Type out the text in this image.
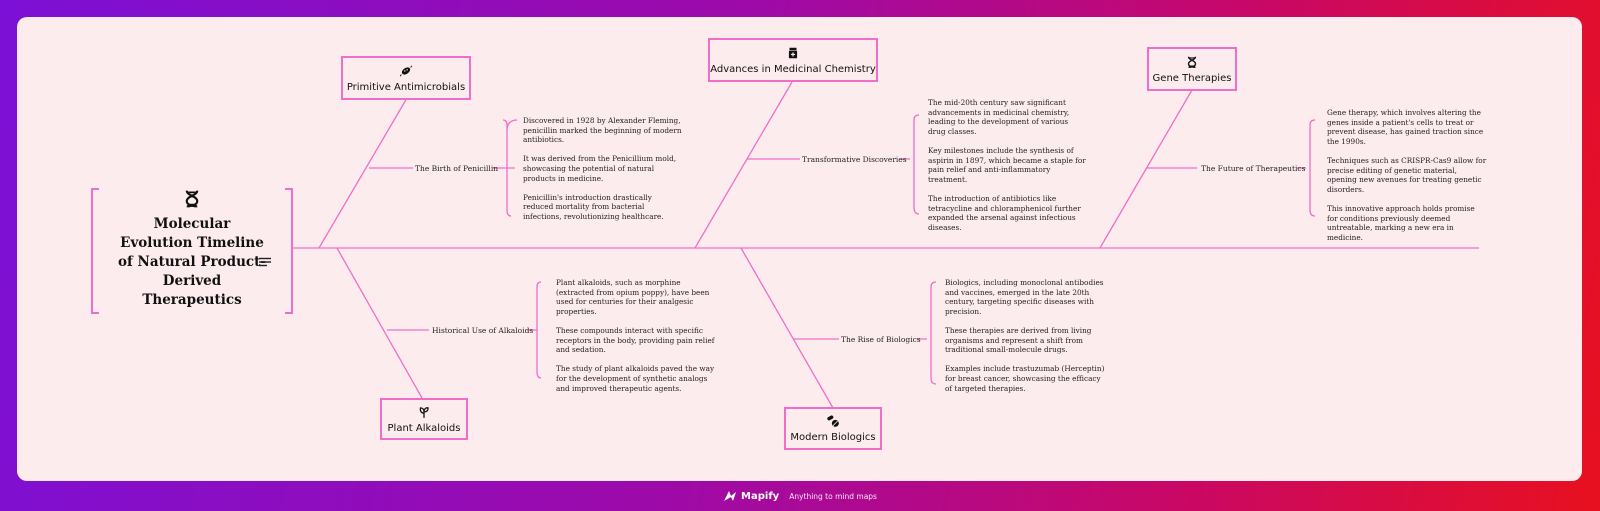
Molecular Evolution Timeline of Natural Product-Derived Therapeutics
Primitive Antimicrobials
The Birth of Penicillin

Discovered in 1928 by Alexander Fleming, penicillin marked the beginning of modern antibiotics.

It was derived from the Penicillium mold, showcasing the potential of natural products in medicine.

Penicillin's introduction drastically reduced mortality from bacterial infections, revolutionizing healthcare.

Plant Alkaloids
Historical Use of Alkaloids

Plant alkaloids, such as morphine (extracted from opium poppy), have been used for centuries for their analgesic properties.

These compounds interact with specific receptors in the body, providing pain relief and sedation.

The study of plant alkaloids paved the way for the development of synthetic analogs and improved therapeutic agents.

Advances in Medicinal Chemistry
Transformative Discoveries

The mid-20th century saw significant advancements in medicinal chemistry, leading to the development of various drug classes.

Key milestones include the synthesis of aspirin in 1897, which became a staple for pain relief and anti-inflammatory treatment.

The introduction of antibiotics like tetracycline and chloramphenicol further expanded the arsenal against infectious diseases.

Modern Biologics
The Rise of Biologics

Biologics, including monoclonal antibodies and vaccines, emerged in the late 20th century, targeting specific diseases with precision.

These therapies are derived from living organisms and represent a shift from traditional small-molecule drugs.

Examples include trastuzumab (Herceptin) for breast cancer, showcasing the efficacy of targeted therapies.

Gene Therapies
The Future of Therapeutics

Gene therapy, which involves altering the genes inside a patient's cells to treat or prevent disease, has gained traction since the 1990s.

Techniques such as CRISPR-Cas9 allow for precise editing of genetic material, opening new avenues for treating genetic disorders.

This innovative approach holds promise for conditions previously deemed untreatable, marking a new era in medicine.

Mapify Anything to mind maps
